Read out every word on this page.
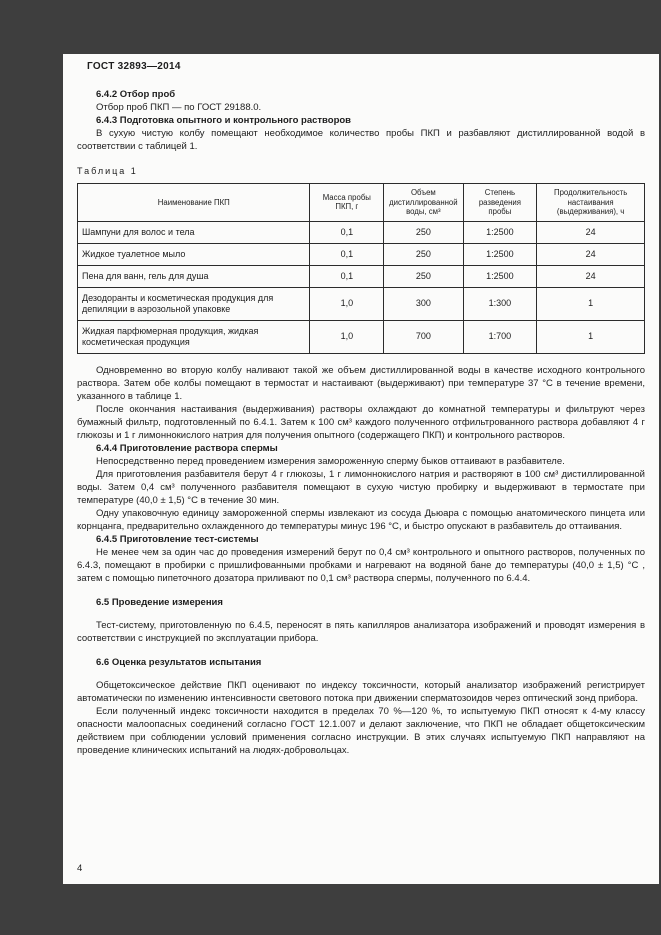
ГОСТ 32893—2014
6.4.2 Отбор проб
Отбор проб ПКП — по ГОСТ 29188.0.
6.4.3 Подготовка опытного и контрольного растворов
В сухую чистую колбу помещают необходимое количество пробы ПКП и разбавляют дистиллированной водой в соответствии с таблицей 1.
Таблица 1
Наименование ПКП	Масса пробы ПКП, г	Объем дистиллированной воды, см³	Степень разведения пробы	Продолжительность настаивания (выдерживания), ч
Шампуни для волос и тела	0,1	250	1:2500	24
Жидкое туалетное мыло	0,1	250	1:2500	24
Пена для ванн, гель для душа	0,1	250	1:2500	24
Дезодоранты и косметическая продукция для депиляции в аэрозольной упаковке	1,0	300	1:300	1
Жидкая парфюмерная продукция, жидкая косметическая продукция	1,0	700	1:700	1
Одновременно во вторую колбу наливают такой же объем дистиллированной воды в качестве исходного контрольного раствора. Затем обе колбы помещают в термостат и настаивают (выдерживают) при температуре 37 °С в течение времени, указанного в таблице 1.
После окончания настаивания (выдерживания) растворы охлаждают до комнатной температуры и фильтруют через бумажный фильтр, подготовленный по 6.4.1. Затем к 100 см³ каждого полученного отфильтрованного раствора добавляют 4 г глюкозы и 1 г лимоннокислого натрия для получения опытного (содержащего ПКП) и контрольного растворов.
6.4.4 Приготовление раствора спермы
Непосредственно перед проведением измерения замороженную сперму быков оттаивают в разбавителе.
Для приготовления разбавителя берут 4 г глюкозы, 1 г лимоннокислого натрия и растворяют в 100 см³ дистиллированной воды. Затем 0,4 см³ полученного разбавителя помещают в сухую чистую пробирку и выдерживают в термостате при температуре (40,0 ± 1,5) °С в течение 30 мин.
Одну упаковочную единицу замороженной спермы извлекают из сосуда Дьюара с помощью анатомического пинцета или корнцанга, предварительно охлажденного до температуры минус 196 °С, и быстро опускают в разбавитель до оттаивания.
6.4.5 Приготовление тест-системы
Не менее чем за один час до проведения измерений берут по 0,4 см³ контрольного и опытного растворов, полученных по 6.4.3, помещают в пробирки с пришлифованными пробками и нагревают на водяной бане до температуры (40,0 ± 1,5) °С , затем с помощью пипеточного дозатора приливают по 0,1 см³ раствора спермы, полученного по 6.4.4.
6.5 Проведение измерения
Тест-систему, приготовленную по 6.4.5, переносят в пять капилляров анализатора изображений и проводят измерения в соответствии с инструкцией по эксплуатации прибора.
6.6 Оценка результатов испытания
Общетоксическое действие ПКП оценивают по индексу токсичности, который анализатор изображений регистрирует автоматически по изменению интенсивности светового потока при движении сперматозоидов через оптический зонд прибора.
Если полученный индекс токсичности находится в пределах 70 %—120 %, то испытуемую ПКП относят к 4-му классу опасности малоопасных соединений согласно ГОСТ 12.1.007 и делают заключение, что ПКП не обладает общетоксическим действием при соблюдении условий применения согласно инструкции. В этих случаях испытуемую ПКП направляют на проведение клинических испытаний на людях-добровольцах.
4
